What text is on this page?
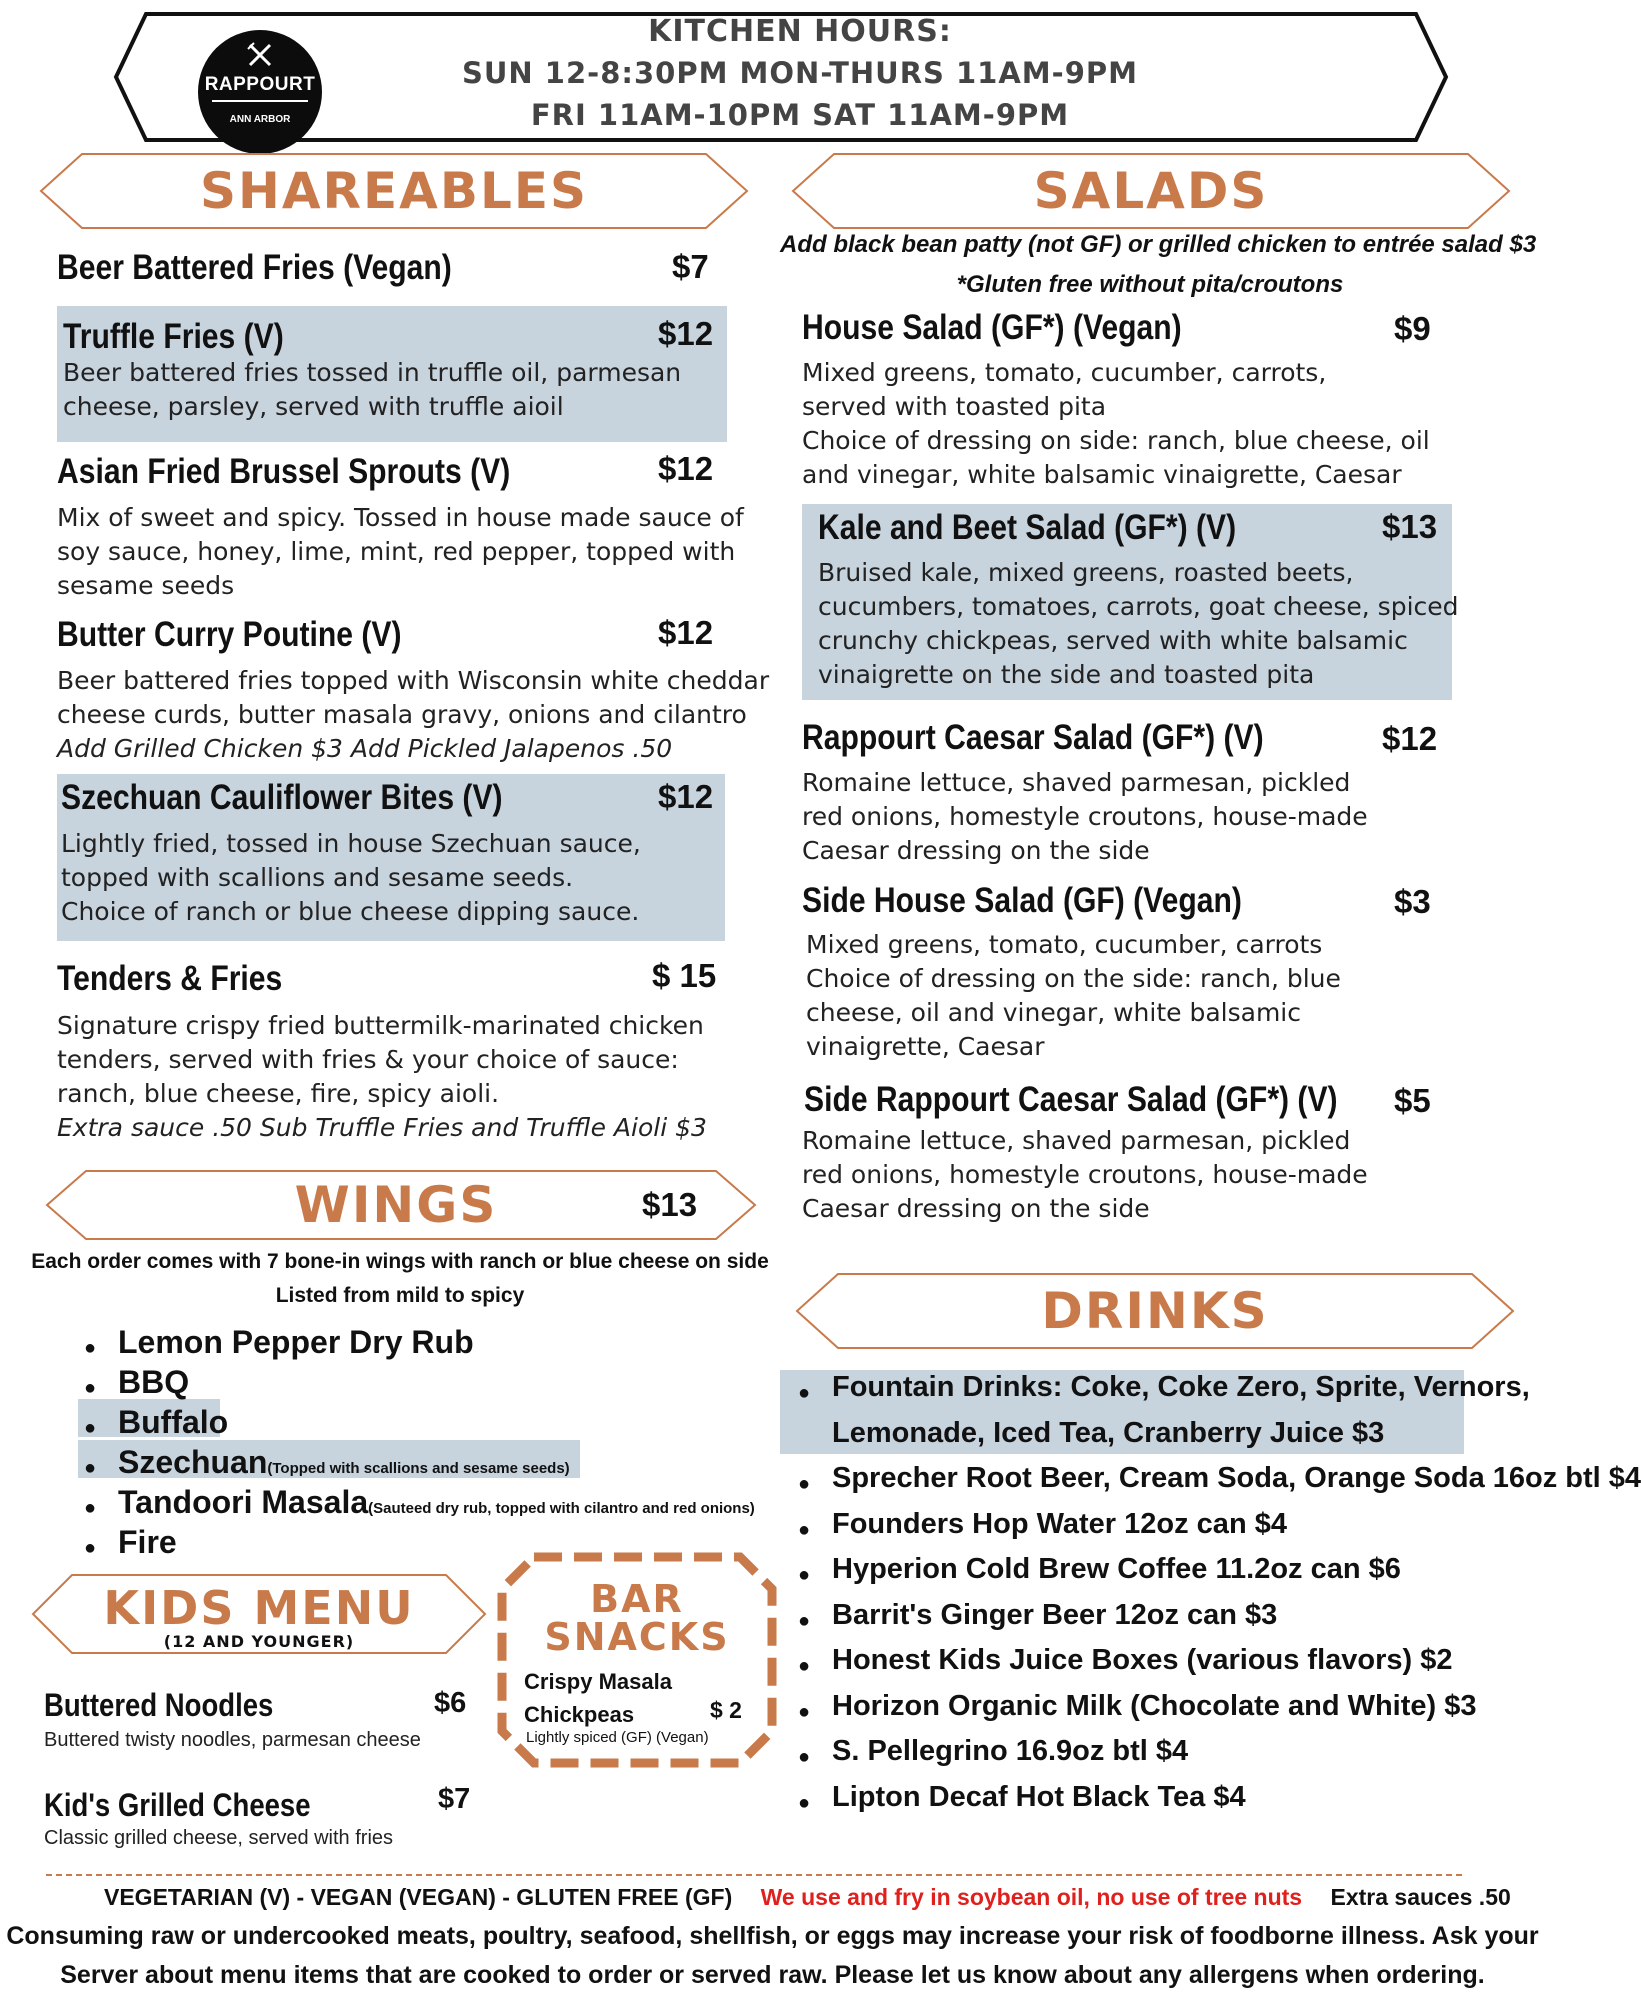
RAPPOURT
ANN ARBOR
KITCHEN HOURS:
SUN 12-8:30PM MON-THURS 11AM-9PM
FRI 11AM-10PM SAT 11AM-9PM
SHAREABLES
Beer Battered Fries (Vegan)	$7
Truffle Fries (V)	$12
Beer battered fries tossed in truffle oil, parmesan
cheese, parsley, served with truffle aioil
Asian Fried Brussel Sprouts (V)	$12
Mix of sweet and spicy. Tossed in house made sauce of
soy sauce, honey, lime, mint, red pepper, topped with
sesame seeds
Butter Curry Poutine (V)	$12
Beer battered fries topped with Wisconsin white cheddar
cheese curds, butter masala gravy, onions and cilantro
Add Grilled Chicken $3 Add Pickled Jalapenos .50
Szechuan Cauliflower Bites (V)	$12
Lightly fried, tossed in house Szechuan sauce,
topped with scallions and sesame seeds.
Choice of ranch or blue cheese dipping sauce.
Tenders & Fries	$ 15
Signature crispy fried buttermilk-marinated chicken
tenders, served with fries & your choice of sauce:
ranch, blue cheese, fire, spicy aioli.
Extra sauce .50 Sub Truffle Fries and Truffle Aioli $3
WINGS	$13
Each order comes with 7 bone-in wings with ranch or blue cheese on side
Listed from mild to spicy
● Lemon Pepper Dry Rub
● BBQ
● Buffalo
● Szechuan(Topped with scallions and sesame seeds)
● Tandoori Masala(Sauteed dry rub, topped with cilantro and red onions)
● Fire
KIDS MENU
(12 AND YOUNGER)
Buttered Noodles	$6
Buttered twisty noodles, parmesan cheese
Kid's Grilled Cheese	$7
Classic grilled cheese, served with fries
BAR
SNACKS
Crispy Masala
Chickpeas	$ 2
Lightly spiced (GF) (Vegan)
SALADS
Add black bean patty (not GF) or grilled chicken to entrée salad $3
*Gluten free without pita/croutons
House Salad (GF*) (Vegan)	$9
Mixed greens, tomato, cucumber, carrots,
served with toasted pita
Choice of dressing on side: ranch, blue cheese, oil
and vinegar, white balsamic vinaigrette, Caesar
Kale and Beet Salad (GF*) (V)	$13
Bruised kale, mixed greens, roasted beets,
cucumbers, tomatoes, carrots, goat cheese, spiced
crunchy chickpeas, served with white balsamic
vinaigrette on the side and toasted pita
Rappourt Caesar Salad (GF*) (V)	$12
Romaine lettuce, shaved parmesan, pickled
red onions, homestyle croutons, house-made
Caesar dressing on the side
Side House Salad (GF) (Vegan)	$3
Mixed greens, tomato, cucumber, carrots
Choice of dressing on the side: ranch, blue
cheese, oil and vinegar, white balsamic
vinaigrette, Caesar
Side Rappourt Caesar Salad (GF*) (V) $5
Romaine lettuce, shaved parmesan, pickled
red onions, homestyle croutons, house-made
Caesar dressing on the side
DRINKS
● Fountain Drinks: Coke, Coke Zero, Sprite, Vernors,
Lemonade, Iced Tea, Cranberry Juice $3
● Sprecher Root Beer, Cream Soda, Orange Soda 16oz btl $4
● Founders Hop Water 12oz can $4
● Hyperion Cold Brew Coffee 11.2oz can $6
● Barrit's Ginger Beer 12oz can $3
● Honest Kids Juice Boxes (various flavors) $2
● Horizon Organic Milk (Chocolate and White) $3
● S. Pellegrino 16.9oz btl $4
● Lipton Decaf Hot Black Tea $4
VEGETARIAN (V) - VEGAN (VEGAN) - GLUTEN FREE (GF) We use and fry in soybean oil, no use of tree nuts Extra sauces .50
Consuming raw or undercooked meats, poultry, seafood, shellfish, or eggs may increase your risk of foodborne illness. Ask your
Server about menu items that are cooked to order or served raw. Please let us know about any allergens when ordering.
